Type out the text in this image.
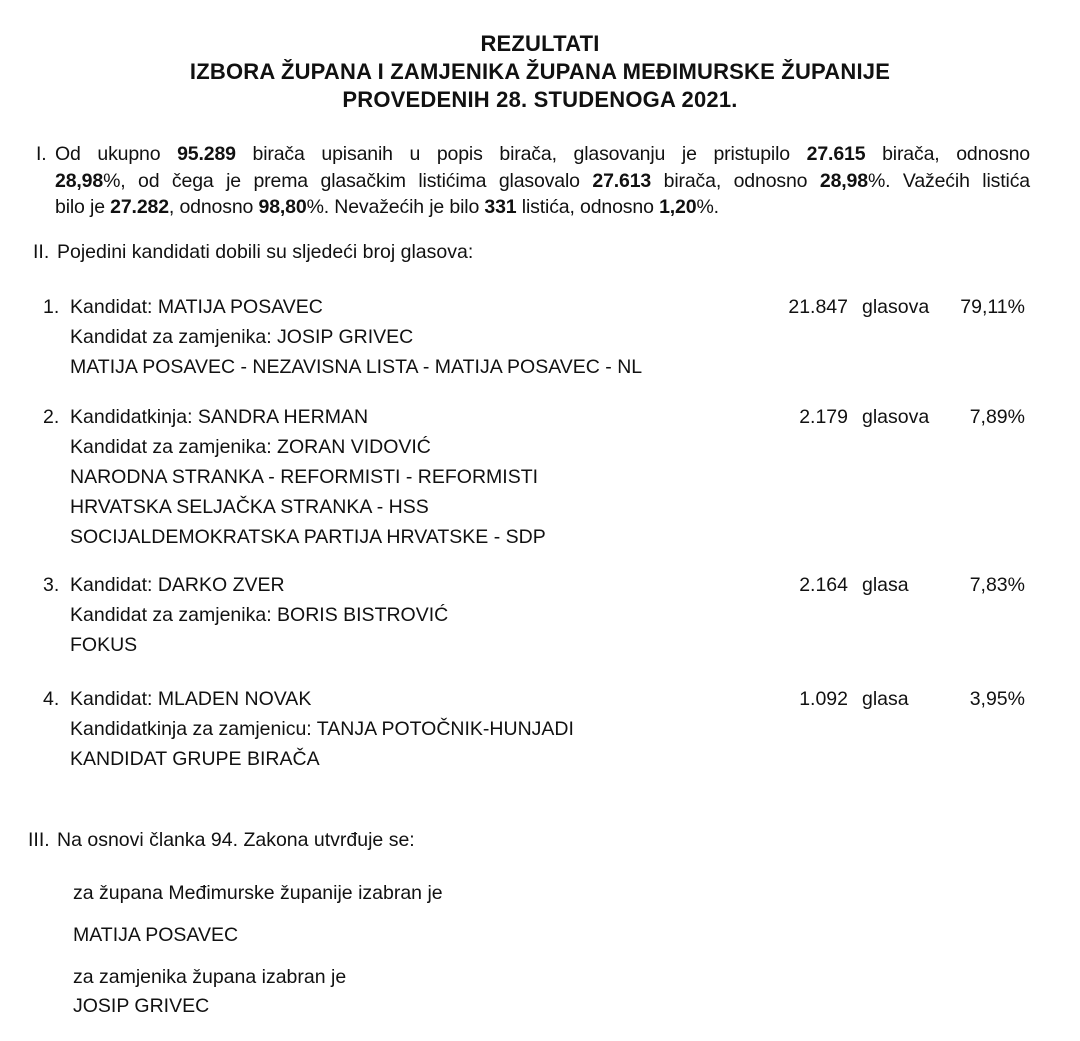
REZULTATI
IZBORA ŽUPANA I ZAMJENIKA ŽUPANA MEĐIMURSKE ŽUPANIJE
PROVEDENIH 28. STUDENOGA 2021.
I. Od ukupno 95.289 birača upisanih u popis birača, glasovanju je pristupilo 27.615 birača, odnosno
28,98%, od čega je prema glasačkim listićima glasovalo 27.613 birača, odnosno 28,98%. Važećih listića
bilo je 27.282, odnosno 98,80%. Nevažećih je bilo 331 listića, odnosno 1,20%.
II. Pojedini kandidati dobili su sljedeći broj glasova:
1. Kandidat: MATIJA POSAVEC	21.847 glasova	79,11%
Kandidat za zamjenika: JOSIP GRIVEC
MATIJA POSAVEC - NEZAVISNA LISTA - MATIJA POSAVEC - NL
2. Kandidatkinja: SANDRA HERMAN	2.179 glasova	7,89%
Kandidat za zamjenika: ZORAN VIDOVIĆ
NARODNA STRANKA - REFORMISTI - REFORMISTI
HRVATSKA SELJAČKA STRANKA - HSS
SOCIJALDEMOKRATSKA PARTIJA HRVATSKE - SDP
3. Kandidat: DARKO ZVER	2.164 glasa	7,83%
Kandidat za zamjenika: BORIS BISTROVIĆ
FOKUS
4. Kandidat: MLADEN NOVAK	1.092 glasa	3,95%
Kandidatkinja za zamjenicu: TANJA POTOČNIK-HUNJADI
KANDIDAT GRUPE BIRAČA
III. Na osnovi članka 94. Zakona utvrđuje se:
za župana Međimurske županije izabran je
MATIJA POSAVEC
za zamjenika župana izabran je
JOSIP GRIVEC
